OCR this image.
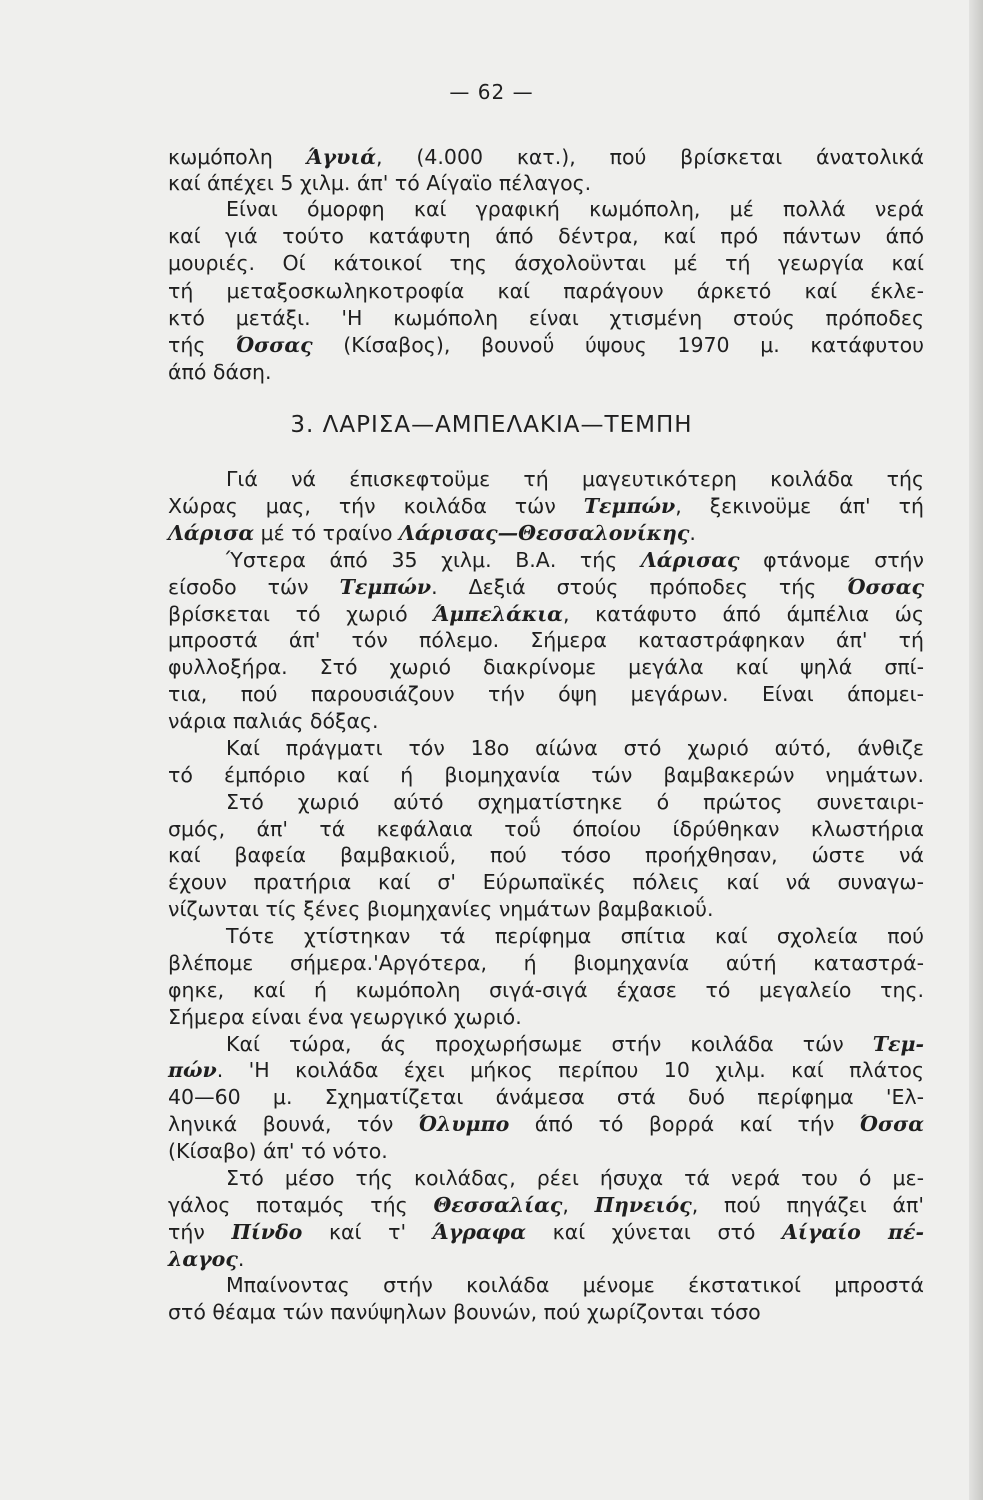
— 62 —
3. ΛΑΡΙΣΑ—ΑΜΠΕΛΑΚΙΑ—ΤΕΜΠΗ
κωμόπολη Άγυιά, (4.000 κατ.), πού βρίσκεται άνατολικά
καί άπέχει 5 χιλμ. άπ' τό Αίγαϊο πέλαγος.
Είναι όμορφη καί γραφική κωμόπολη, μέ πολλά νερά
καί γιά τούτο κατάφυτη άπό δέντρα, καί πρό πάντων άπό
μουριές. Οί κάτοικοί της άσχολοϋνται μέ τή γεωργία καί
τή μεταξοσκωληκοτροφία καί παράγουν άρκετό καί έκλε-
κτό μετάξι. 'Η κωμόπολη είναι χτισμένη στούς πρόποδες
τής Όσσας (Κίσαβος), βουνοΰ ύψους 1970 μ. κατάφυτου
άπό δάση.
Γιά νά έπισκεφτοϋμε τή μαγευτικότερη κοιλάδα τής
Χώρας μας, τήν κοιλάδα τών Τεμπών, ξεκινοϋμε άπ' τή
Λάρισα μέ τό τραίνο Λάρισας—Θεσσαλονίκης.
Ύστερα άπό 35 χιλμ. Β.Α. τής Λάρισας φτάνομε στήν
είσοδο τών Τεμπών. Δεξιά στούς πρόποδες τής Όσσας
βρίσκεται τό χωριό Άμπελάκια, κατάφυτο άπό άμπέλια ώς
μπροστά άπ' τόν πόλεμο. Σήμερα καταστράφηκαν άπ' τή
φυλλοξήρα. Στό χωριό διακρίνομε μεγάλα καί ψηλά σπί-
τια, πού παρουσιάζουν τήν όψη μεγάρων. Είναι άπομει-
νάρια παλιάς δόξας.
Καί πράγματι τόν 18ο αίώνα στό χωριό αύτό, άνθιζε
τό έμπόριο καί ή βιομηχανία τών βαμβακερών νημάτων.
Στό χωριό αύτό σχηματίστηκε ό πρώτος συνεταιρι-
σμός, άπ' τά κεφάλαια τοΰ όποίου ίδρύθηκαν κλωστήρια
καί βαφεία βαμβακιοΰ, πού τόσο προήχθησαν, ώστε νά
έχουν πρατήρια καί σ' Εύρωπαϊκές πόλεις καί νά συναγω-
νίζωνται τίς ξένες βιομηχανίες νημάτων βαμβακιοΰ.
Τότε χτίστηκαν τά περίφημα σπίτια καί σχολεία πού
βλέπομε σήμερα.'Αργότερα, ή βιομηχανία αύτή καταστρά-
φηκε, καί ή κωμόπολη σιγά-σιγά έχασε τό μεγαλείο της.
Σήμερα είναι ένα γεωργικό χωριό.
Καί τώρα, άς προχωρήσωμε στήν κοιλάδα τών Τεμ-
πών. 'Η κοιλάδα έχει μήκος περίπου 10 χιλμ. καί πλάτος
40—60 μ. Σχηματίζεται άνάμεσα στά δυό περίφημα 'Ελ-
ληνικά βουνά, τόν Όλυμπο άπό τό βορρά καί τήν Όσσα
(Κίσαβο) άπ' τό νότο.
Στό μέσο τής κοιλάδας, ρέει ήσυχα τά νερά του ό με-
γάλος ποταμός τής Θεσσαλίας, Πηνειός, πού πηγάζει άπ'
τήν Πίνδο καί τ' Άγραφα καί χύνεται στό Αίγαίο πέ-
λαγος.
Μπαίνοντας στήν κοιλάδα μένομε έκστατικοί μπροστά
στό θέαμα τών πανύψηλων βουνών, πού χωρίζονται τόσο
